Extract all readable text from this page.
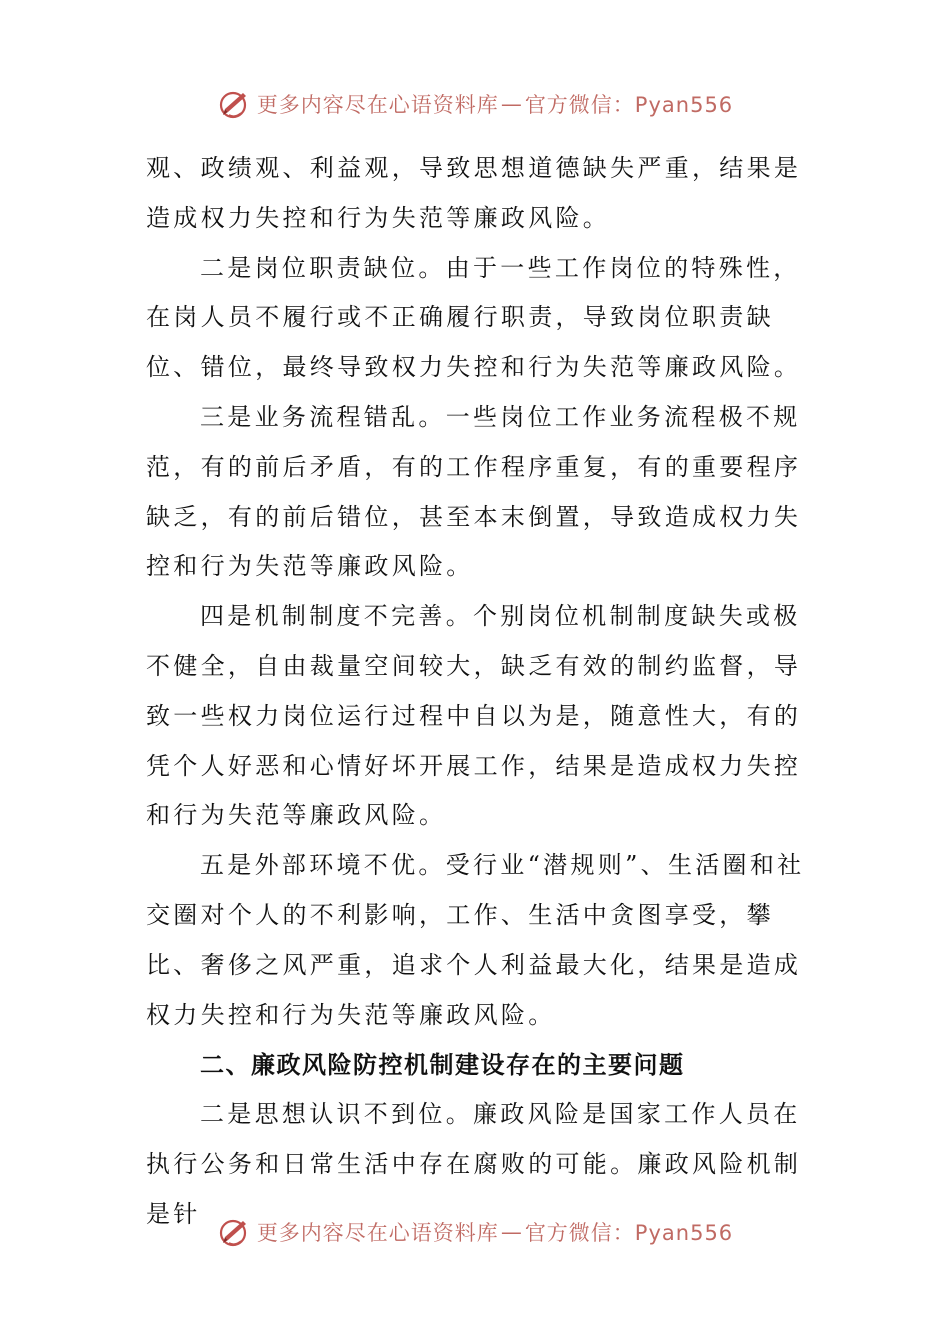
更多内容尽在心语资料库 — 官方微信：Pyan556

观、政绩观、利益观，导致思想道德缺失严重，结果是造成权力失控和行为失范等廉政风险。

二是岗位职责缺位。由于一些工作岗位的特殊性，在岗人员不履行或不正确履行职责，导致岗位职责缺位、错位，最终导致权力失控和行为失范等廉政风险。

三是业务流程错乱。一些岗位工作业务流程极不规范，有的前后矛盾，有的工作程序重复，有的重要程序缺乏，有的前后错位，甚至本末倒置，导致造成权力失控和行为失范等廉政风险。

四是机制制度不完善。个别岗位机制制度缺失或极不健全，自由裁量空间较大，缺乏有效的制约监督，导致一些权力岗位运行过程中自以为是，随意性大，有的凭个人好恶和心情好坏开展工作，结果是造成权力失控和行为失范等廉政风险。

五是外部环境不优。受行业“潜规则”、生活圈和社交圈对个人的不利影响，工作、生活中贪图享受，攀比、奢侈之风严重，追求个人利益最大化，结果是造成权力失控和行为失范等廉政风险。

二、廉政风险防控机制建设存在的主要问题

二是思想认识不到位。廉政风险是国家工作人员在执行公务和日常生活中存在腐败的可能。廉政风险机制是针

更多内容尽在心语资料库 — 官方微信：Pyan556
